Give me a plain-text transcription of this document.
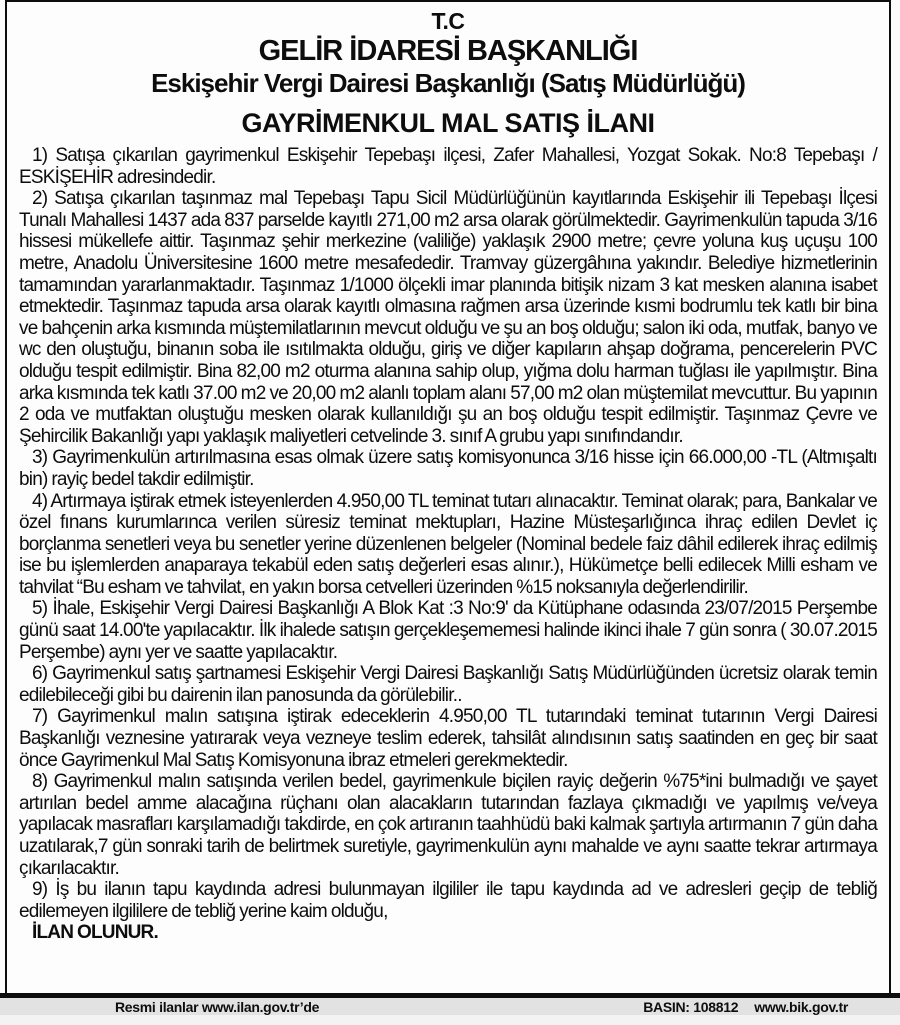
T.C
GELİR İDARESİ BAŞKANLIĞI
Eskişehir Vergi Dairesi Başkanlığı (Satış Müdürlüğü)
GAYRİMENKUL MAL SATIŞ İLANI

1) Satışa çıkarılan gayrimenkul Eskişehir Tepebaşı ilçesi, Zafer Mahallesi, Yozgat Sokak. No:8 Tepebaşı / ESKİŞEHİR adresindedir.

2) Satışa çıkarılan taşınmaz mal Tepebaşı Tapu Sicil Müdürlüğünün kayıtlarında Eskişehir ili Tepebaşı İlçesi Tunalı Mahallesi 1437 ada 837 parselde kayıtlı 271,00 m2 arsa olarak görülmektedir. Gayrimenkulün tapuda 3/16 hissesi mükellefe aittir. Taşınmaz şehir merkezine (valiliğe) yaklaşık 2900 metre; çevre yoluna kuş uçuşu 100 metre, Anadolu Üniversitesine 1600 metre mesafededir. Tramvay güzergâhına yakındır. Belediye hizmetlerinin tamamından yararlanmaktadır. Taşınmaz 1/1000 ölçekli imar planında bitişik nizam 3 kat mesken alanına isabet etmektedir. Taşınmaz tapuda arsa olarak kayıtlı olmasına rağmen arsa üzerinde kısmi bodrumlu tek katlı bir bina ve bahçenin arka kısmında müştemilatlarının mevcut olduğu ve şu an boş olduğu; salon iki oda, mutfak, banyo ve wc den oluştuğu, binanın soba ile ısıtılmakta olduğu, giriş ve diğer kapıların ahşap doğrama, pencerelerin PVC olduğu tespit edilmiştir. Bina 82,00 m2 oturma alanına sahip olup, yığma dolu harman tuğlası ile yapılmıştır. Bina arka kısmında tek katlı 37.00 m2 ve 20,00 m2 alanlı toplam alanı 57,00 m2 olan müştemilat mevcuttur. Bu yapının 2 oda ve mutfaktan oluştuğu mesken olarak kullanıldığı şu an boş olduğu tespit edilmiştir. Taşınmaz Çevre ve Şehircilik Bakanlığı yapı yaklaşık maliyetleri cetvelinde 3. sınıf A grubu yapı sınıfındandır.

3) Gayrimenkulün artırılmasına esas olmak üzere satış komisyonunca 3/16 hisse için 66.000,00 -TL (Altmışaltı bin) rayiç bedel takdir edilmiştir.

4) Artırmaya iştirak etmek isteyenlerden 4.950,00 TL teminat tutarı alınacaktır. Teminat olarak; para, Bankalar ve özel fınans kurumlarınca verilen süresiz teminat mektupları, Hazine Müsteşarlığınca ihraç edilen Devlet iç borçlanma senetleri veya bu senetler yerine düzenlenen belgeler (Nominal bedele faiz dâhil edilerek ihraç edilmiş ise bu işlemlerden anaparaya tekabül eden satış değerleri esas alınır.), Hükümetçe belli edilecek Milli esham ve tahvilat “Bu esham ve tahvilat, en yakın borsa cetvelleri üzerinden %15 noksanıyla değerlendirilir.

5) İhale, Eskişehir Vergi Dairesi Başkanlığı A Blok Kat :3 No:9' da Kütüphane odasında 23/07/2015 Perşembe günü saat 14.00'te yapılacaktır. İlk ihalede satışın gerçekleşememesi halinde ikinci ihale 7 gün sonra ( 30.07.2015 Perşembe) aynı yer ve saatte yapılacaktır.

6) Gayrimenkul satış şartnamesi Eskişehir Vergi Dairesi Başkanlığı Satış Müdürlüğünden ücretsiz olarak temin edilebileceği gibi bu dairenin ilan panosunda da görülebilir..

7) Gayrimenkul malın satışına iştirak edeceklerin 4.950,00 TL tutarındaki teminat tutarının Vergi Dairesi Başkanlığı veznesine yatırarak veya vezneye teslim ederek, tahsilât alındısının satış saatinden en geç bir saat önce Gayrimenkul Mal Satış Komisyonuna ibraz etmeleri gerekmektedir.

8) Gayrimenkul malın satışında verilen bedel, gayrimenkule biçilen rayiç değerin %75*ini bulmadığı ve şayet artırılan bedel amme alacağına rüçhanı olan alacakların tutarından fazlaya çıkmadığı ve yapılmış ve/veya yapılacak masrafları karşılamadığı takdirde, en çok artıranın taahhüdü baki kalmak şartıyla artırmanın 7 gün daha uzatılarak,7 gün sonraki tarih de belirtmek suretiyle, gayrimenkulün aynı mahalde ve aynı saatte tekrar artırmaya çıkarılacaktır.

9) İş bu ilanın tapu kaydında adresi bulunmayan ilgililer ile tapu kaydında ad ve adresleri geçip de tebliğ edilemeyen ilgililere de tebliğ yerine kaim olduğu,

İLAN OLUNUR.

Resmi ilanlar www.ilan.gov.tr’de	BASIN: 108812 www.bik.gov.tr
